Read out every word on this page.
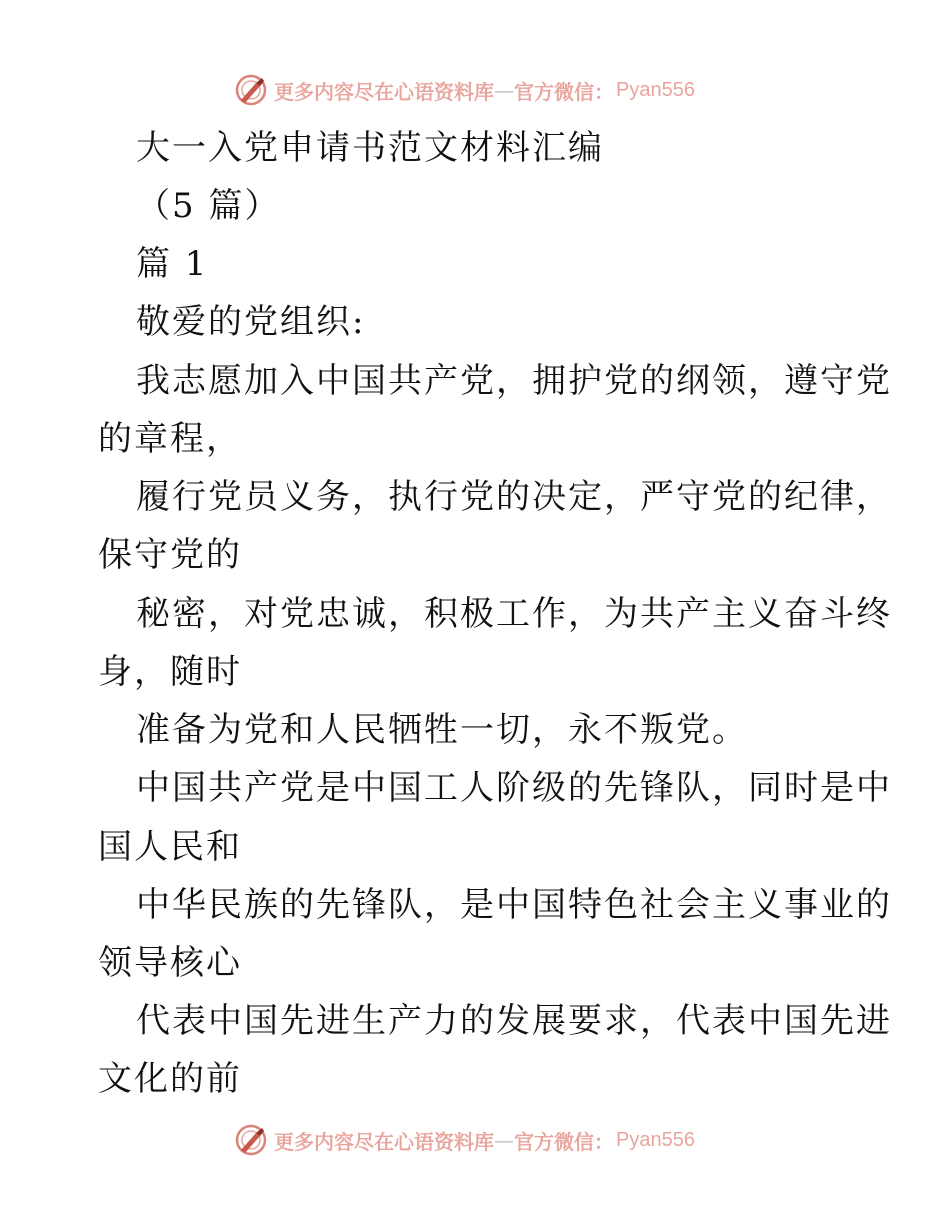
更多内容尽在心语资料库 — 官方微信： Pyan556
大一入党申请书范文材料汇编
（5 篇）
篇 1
敬爱的党组织:
我志愿加入中国共产党，拥护党的纲领，遵守党
的章程，
履行党员义务，执行党的决定，严守党的纪律，
保守党的
秘密，对党忠诚，积极工作，为共产主义奋斗终
身，随时
准备为党和人民牺牲一切，永不叛党。
中国共产党是中国工人阶级的先锋队，同时是中
国人民和
中华民族的先锋队，是中国特色社会主义事业的
领导核心
代表中国先进生产力的发展要求，代表中国先进
文化的前
更多内容尽在心语资料库 — 官方微信： Pyan556
